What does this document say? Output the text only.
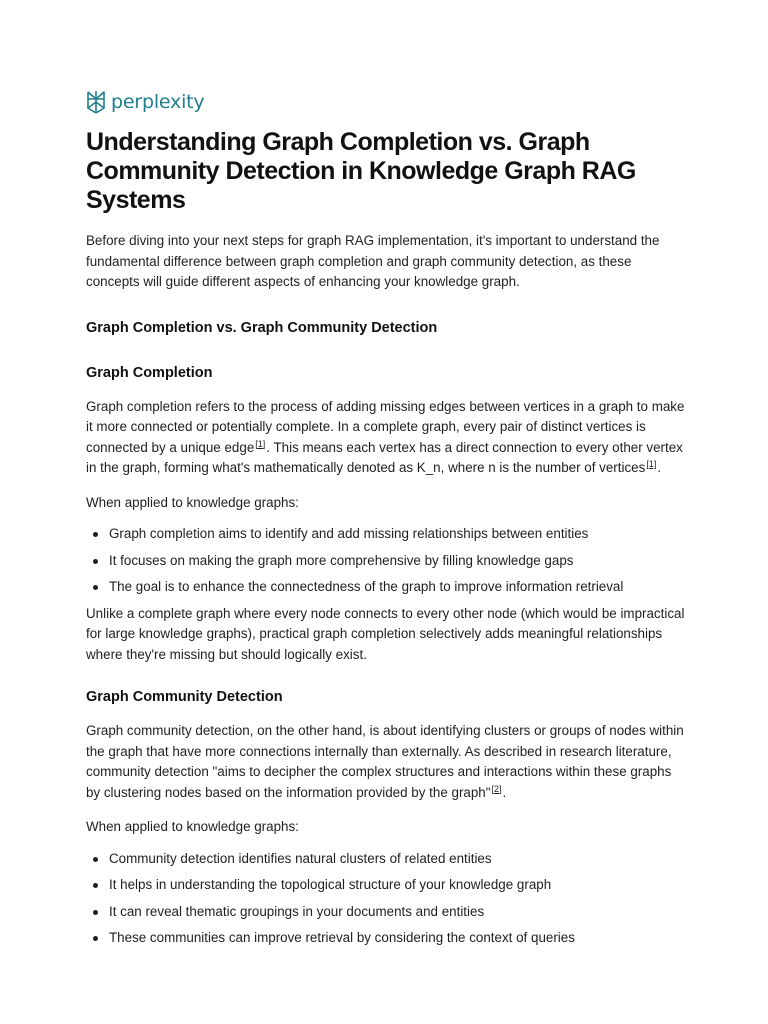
perplexity
Understanding Graph Completion vs. Graph Community Detection in Knowledge Graph RAG Systems

Before diving into your next steps for graph RAG implementation, it's important to understand the fundamental difference between graph completion and graph community detection, as these concepts will guide different aspects of enhancing your knowledge graph.

Graph Completion vs. Graph Community Detection
Graph Completion

Graph completion refers to the process of adding missing edges between vertices in a graph to make it more connected or potentially complete. In a complete graph, every pair of distinct vertices is connected by a unique edge[1]. This means each vertex has a direct connection to every other vertex in the graph, forming what's mathematically denoted as K_n, where n is the number of vertices[1].

When applied to knowledge graphs:

Graph completion aims to identify and add missing relationships between entities
It focuses on making the graph more comprehensive by filling knowledge gaps
The goal is to enhance the connectedness of the graph to improve information retrieval

Unlike a complete graph where every node connects to every other node (which would be impractical for large knowledge graphs), practical graph completion selectively adds meaningful relationships where they're missing but should logically exist.

Graph Community Detection

Graph community detection, on the other hand, is about identifying clusters or groups of nodes within the graph that have more connections internally than externally. As described in research literature, community detection "aims to decipher the complex structures and interactions within these graphs by clustering nodes based on the information provided by the graph"[2].

When applied to knowledge graphs:

Community detection identifies natural clusters of related entities
It helps in understanding the topological structure of your knowledge graph
It can reveal thematic groupings in your documents and entities
These communities can improve retrieval by considering the context of queries
